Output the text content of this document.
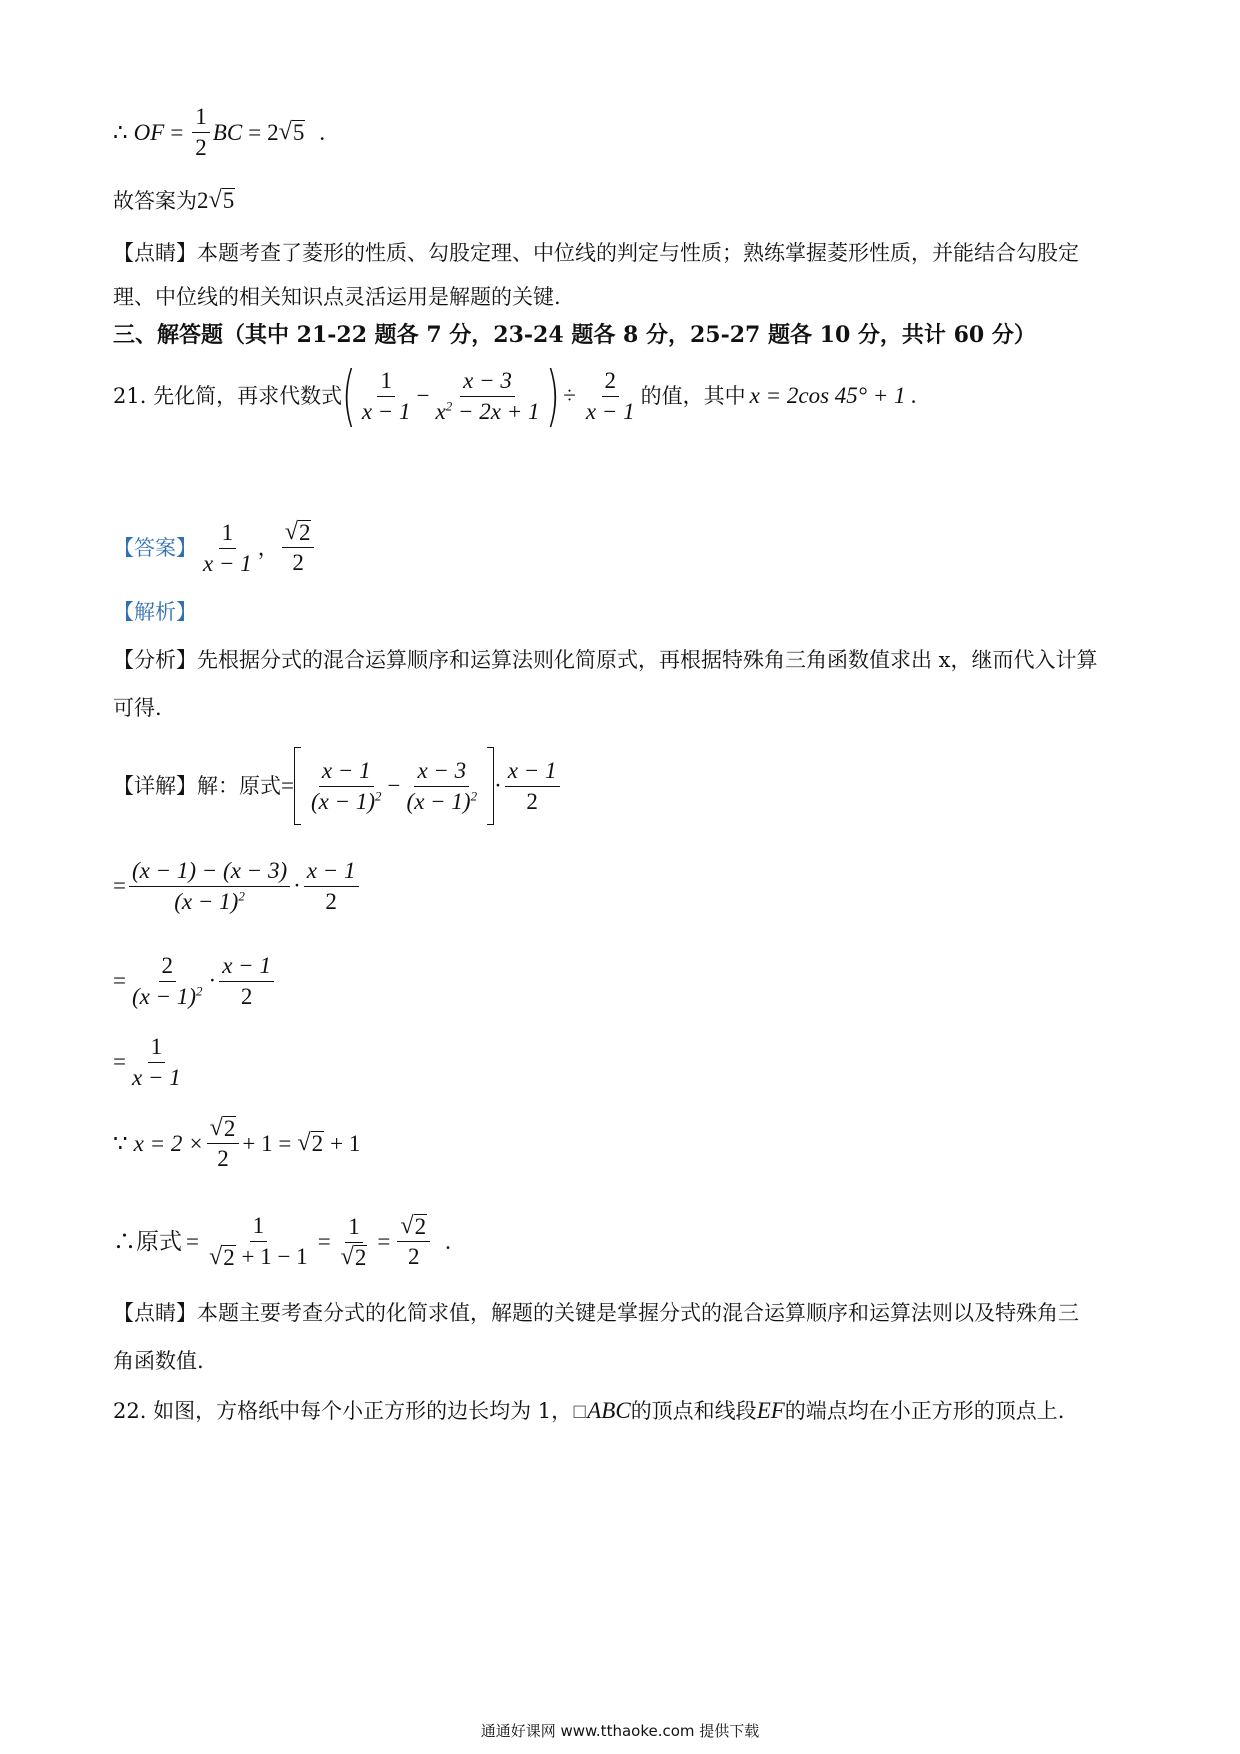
∴ OF = $\frac{1}{2}$ BC = 2 √ 5 .
故答案为 2 √ 5
【点睛】 本题考查了菱形的性质、勾股定理、中位线的判定与性质；熟练掌握菱形性质，并能结合勾股定
理、中位线的相关知识点灵活运用是解题的关键.
三、解答题（其中 21-22 题各 7 分，23-24 题各 8 分，25-27 题各 10 分，共计 60 分）
21. 先化简，再求代数式 ( $\frac{1}{x - 1} - \frac{x - 3}{x^2 - 2x + 1}$ ) ÷ $\frac{2}{x - 1}$ 的值，其中 x = 2cos 45° + 1 .
【答案】 $\frac{1}{x - 1}$ ， $\frac{√ 2}{2}$
【解析】
【分析】 先根据分式的混合运算顺序和运算法则化简原式，再根据特殊角三角函数值求出 x，继而代入计算
可得.
【详解】 解：原式 = $\frac{x - 1}{(x - 1)^2} - \frac{x - 3}{(x - 1)^2} \cdot \frac{x - 1}{2}$
= $\frac{(x - 1) - (x - 3)}{(x - 1)^2} \cdot \frac{x - 1}{2}$
= $\frac{2}{(x - 1)^2} \cdot \frac{x - 1}{2}$
= $\frac{1}{x - 1}$
∵ $x = 2 \times \frac{√ 2}{2} + 1$ = √ 2 + 1
∴原式 = $\frac{1}{√ 2 + 1 - 1} = \frac{1}{√ 2} = \frac{√ 2}{2}$ .
【点睛】 本题主要考查分式的化简求值，解题的关键是掌握分式的混合运算顺序和运算法则以及特殊角三
角函数值.
22. 如图，方格纸中每个小正方形的边长均为 1， □ ABC 的顶点和线段 EF 的端点均在小正方形的顶点上.
通通好课网 www.tthaoke.com 提供下载
